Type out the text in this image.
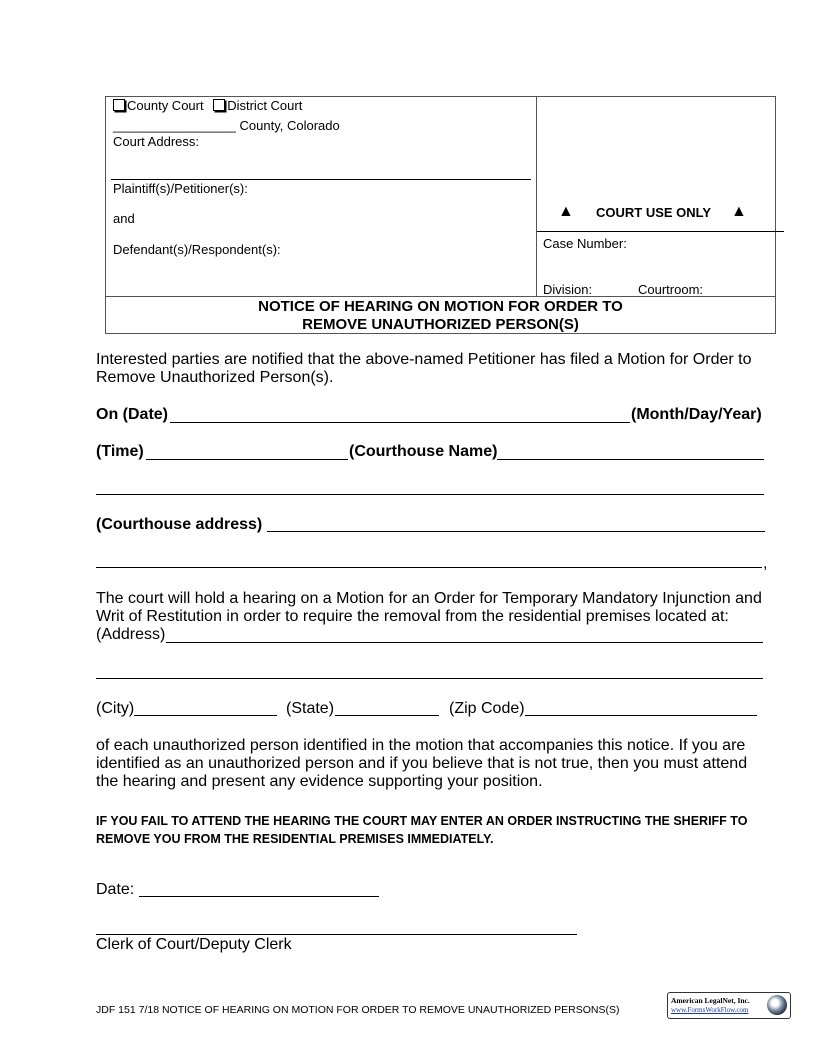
County Court District Court
_________________ County, Colorado
Court Address:
Plaintiff(s)/Petitioner(s):
and
Defendant(s)/Respondent(s):
▲ COURT USE ONLY ▲
Case Number:
Division:	Courtroom:
NOTICE OF HEARING ON MOTION FOR ORDER TO
REMOVE UNAUTHORIZED PERSON(S)
Interested parties are notified that the above-named Petitioner has filed a Motion for Order to
Remove Unauthorized Person(s).
On (Date)	(Month/Day/Year)
(Time)	(Courthouse Name)
(Courthouse address)
,
The court will hold a hearing on a Motion for an Order for Temporary Mandatory Injunction and
Writ of Restitution in order to require the removal from the residential premises located at:
(Address)
(City)	(State)	(Zip Code)
of each unauthorized person identified in the motion that accompanies this notice. If you are
identified as an unauthorized person and if you believe that is not true, then you must attend
the hearing and present any evidence supporting your position.
IF YOU FAIL TO ATTEND THE HEARING THE COURT MAY ENTER AN ORDER INSTRUCTING THE SHERIFF TO
REMOVE YOU FROM THE RESIDENTIAL PREMISES IMMEDIATELY.
Date:
Clerk of Court/Deputy Clerk
JDF 151 7/18 NOTICE OF HEARING ON MOTION FOR ORDER TO REMOVE UNAUTHORIZED PERSONS(S)
American LegalNet, Inc.
www.FormsWorkFlow.com
